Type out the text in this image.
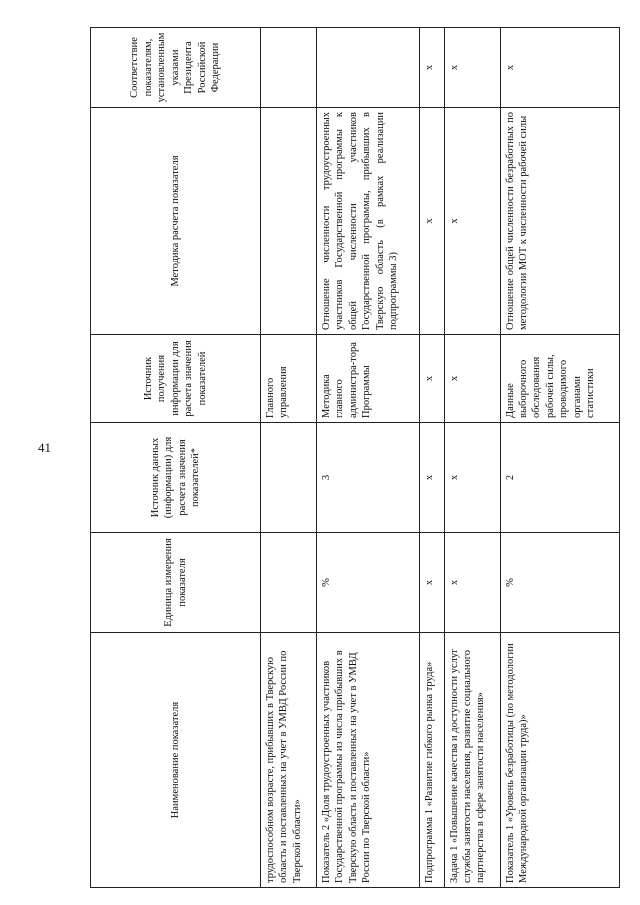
41
Наименование показателя	Единица измерения показателя	Источник данных (информации) для расчета значения показателей*	Источник получения информации для расчета значения показателей	Методика расчета показателя	Соответствие показателям, установленным указами Президента Российской Федерации
трудоспособном возрасте, прибывших в Тверскую область и поставленных на учет в УМВД России по Тверской области»			Главного управления		
Показатель 2 «Доля трудоустроенных участников Государственной программы из числа прибывших в Тверскую область и поставленных на учет в УМВД России по Тверской области»	%	3	Методика главного администра-тора Программы	Отношение численности трудоустроенных участников Государственной программы к общей численности участников Государственной программы, прибывших в Тверскую область (в рамках реализации подпрограммы 3)	
Подпрограмма 1 «Развитие гибкого рынка труда»	x	x	x	x	x
Задача 1 «Повышение качества и доступности услуг службы занятости населения, развитие социального партнерства в сфере занятости населения»	x	x	x	x	x
Показатель 1 «Уровень безработицы (по методологии Международной организации труда)»	%	2	Данные выборочного обследования рабочей силы, проводимого органами статистики	Отношение общей численности безработных по методологии МОТ к численности рабочей силы	x
